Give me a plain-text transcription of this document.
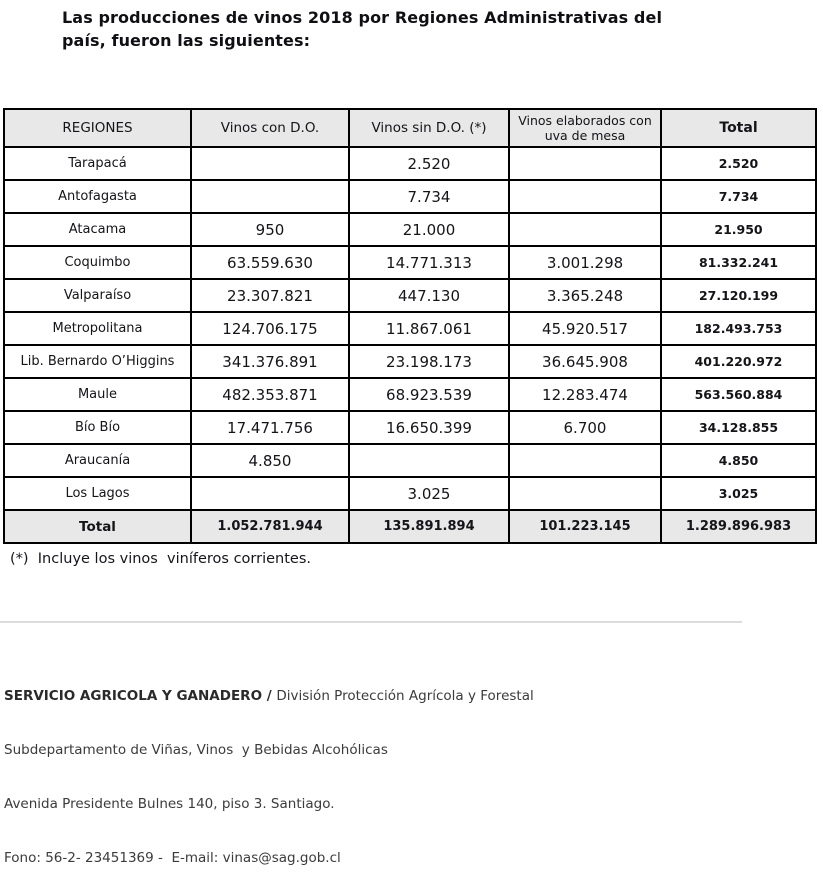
Las producciones de vinos 2018 por Regiones Administrativas del
país, fueron las siguientes:
REGIONES	Vinos con D.O.	Vinos sin D.O. (*)	Vinos elaborados con uva de mesa	Total
Tarapacá		2.520		2.520
Antofagasta		7.734		7.734
Atacama	950	21.000		21.950
Coquimbo	63.559.630	14.771.313	3.001.298	81.332.241
Valparaíso	23.307.821	447.130	3.365.248	27.120.199
Metropolitana	124.706.175	11.867.061	45.920.517	182.493.753
Lib. Bernardo O’Higgins	341.376.891	23.198.173	36.645.908	401.220.972
Maule	482.353.871	68.923.539	12.283.474	563.560.884
Bío Bío	17.471.756	16.650.399	6.700	34.128.855
Araucanía	4.850			4.850
Los Lagos		3.025		3.025
Total	1.052.781.944	135.891.894	101.223.145	1.289.896.983
(*)  Incluye los vinos  viníferos corrientes.

SERVICIO AGRICOLA Y GANADERO / División Protección Agrícola y Forestal

Subdepartamento de Viñas, Vinos  y Bebidas Alcohólicas

Avenida Presidente Bulnes 140, piso 3. Santiago.

Fono: 56-2- 23451369 -  E-mail: vinas@sag.gob.cl
